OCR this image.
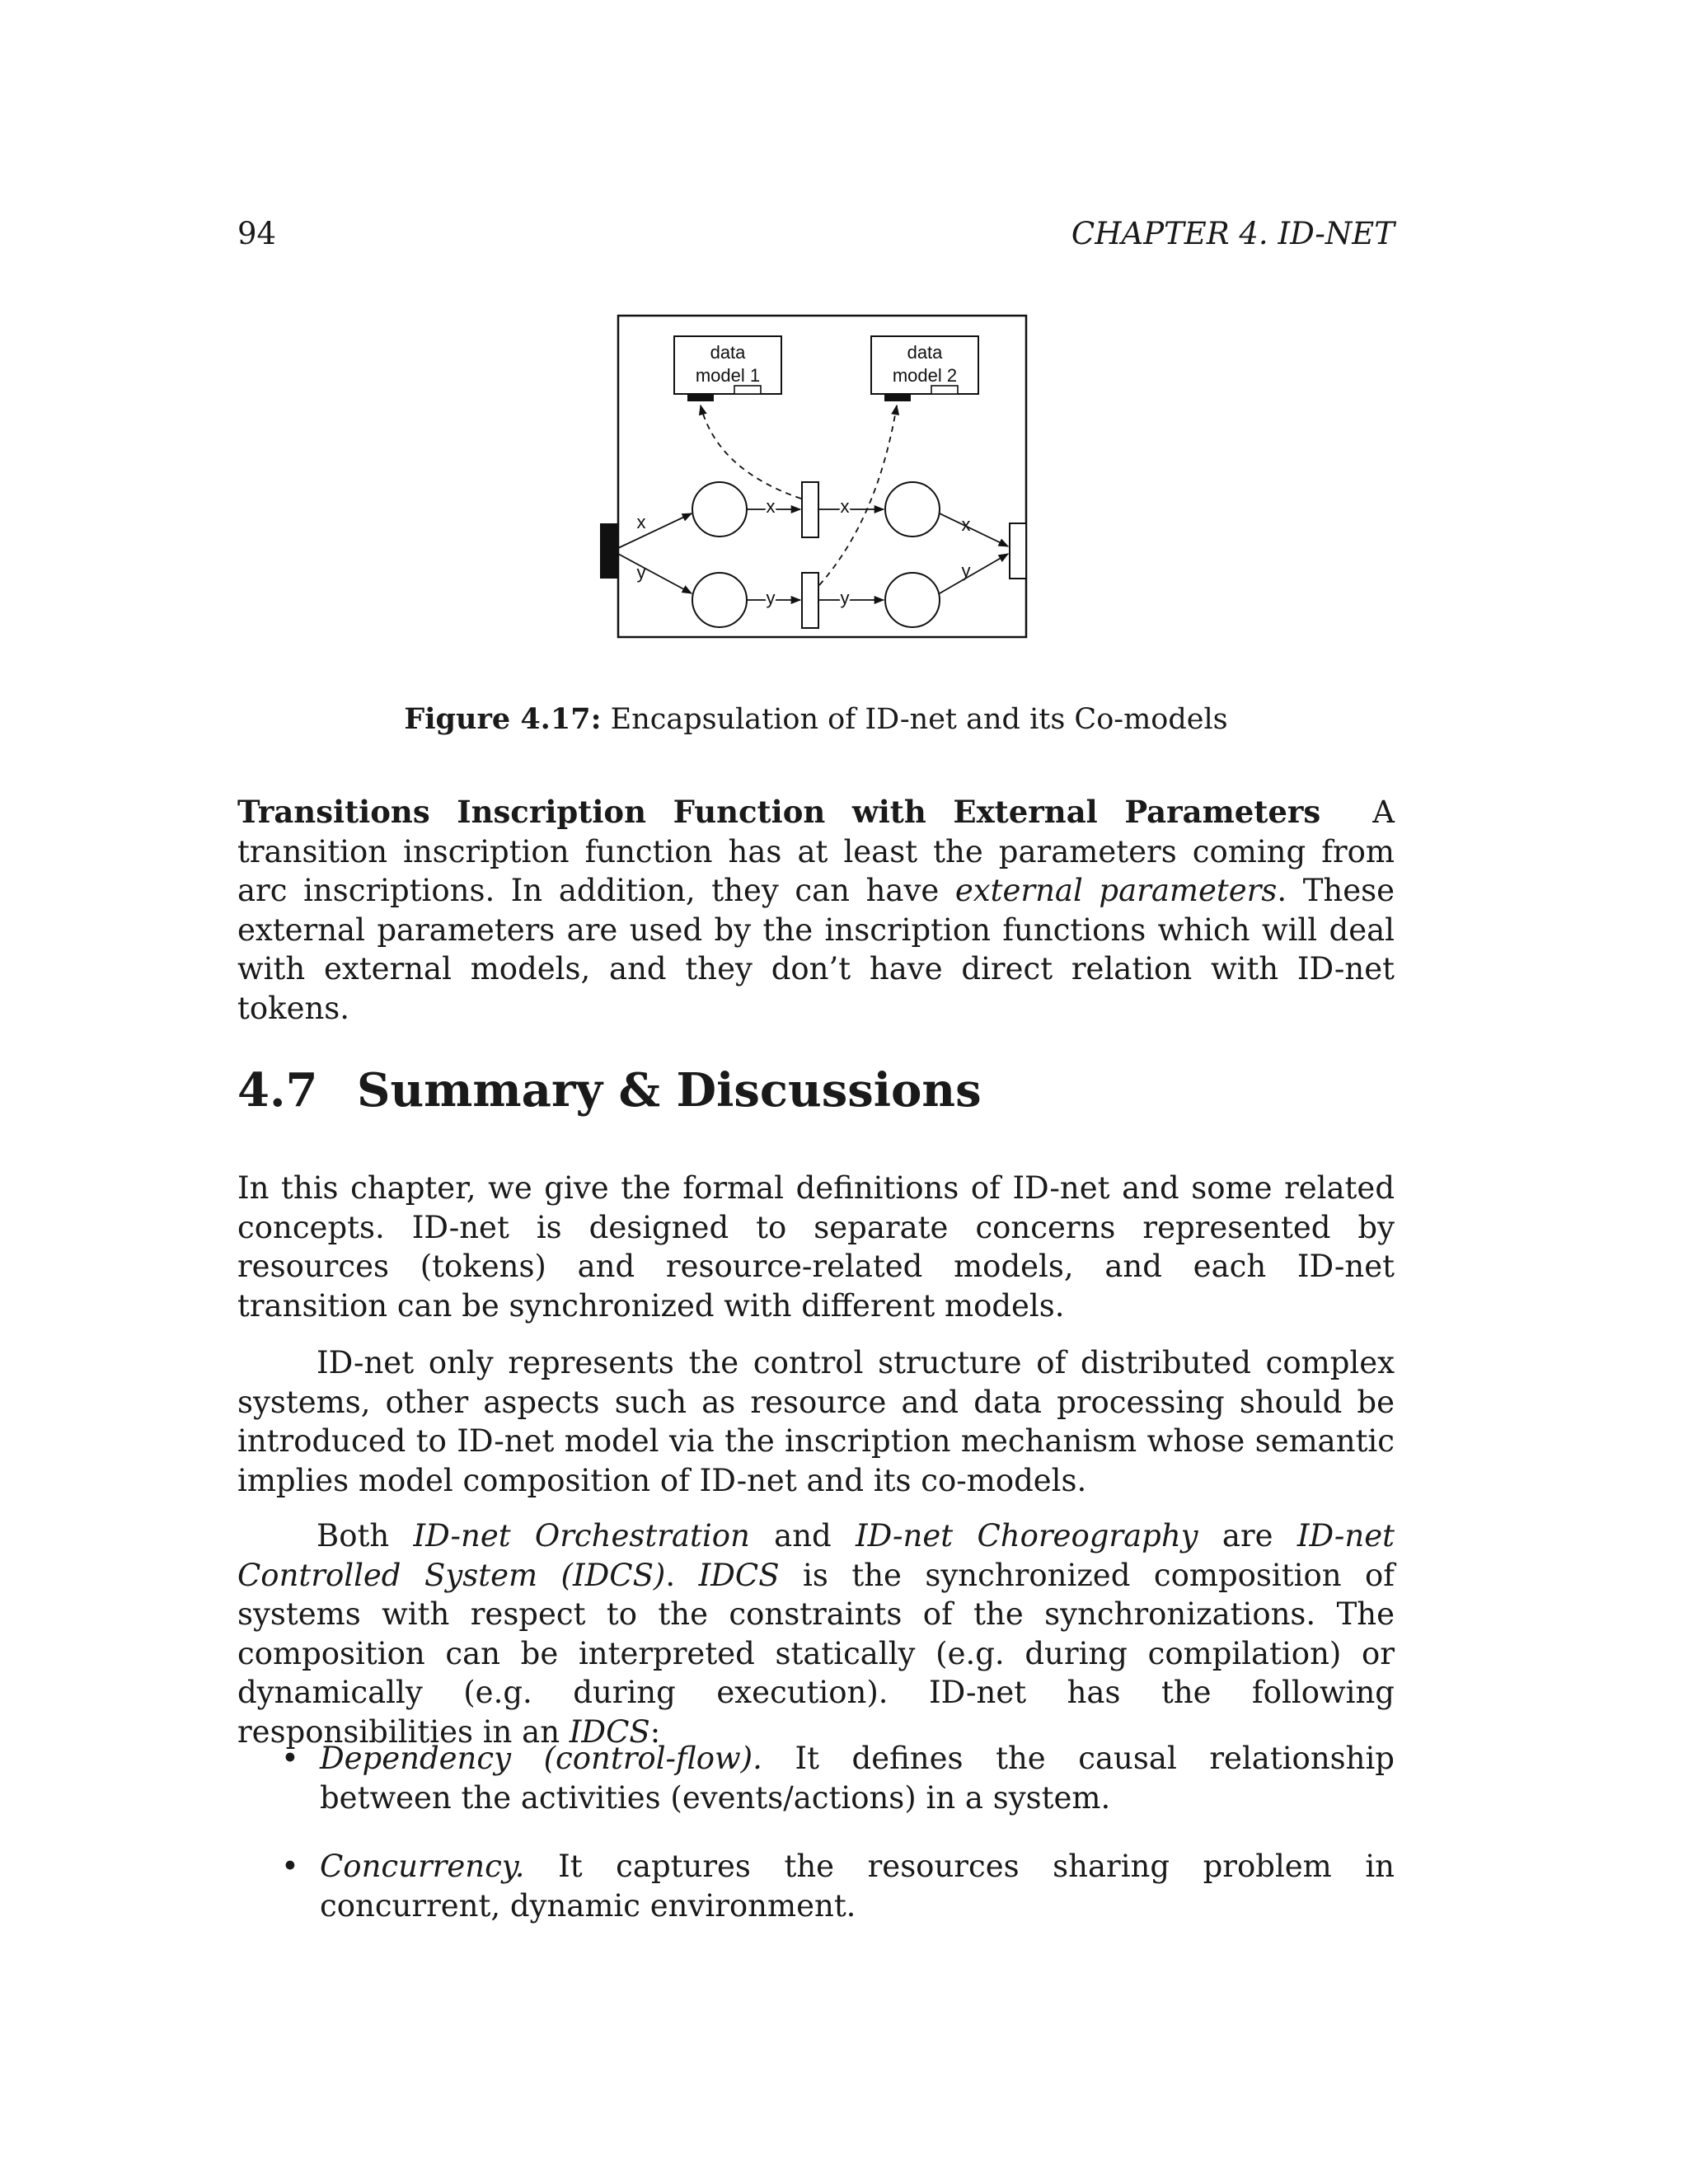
94	CHAPTER 4. ID-NET
data
model 1
data
model 2
x
y
x	x
y	y
x
y
Figure 4.17: Encapsulation of ID-net and its Co-models
Transitions Inscription Function with External Parameters A transition inscription function has at least the parameters coming from arc inscriptions. In addition, they can have external parameters. These external parameters are used by the inscription functions which will deal with external models, and they don’t have direct relation with ID-net tokens.
4.7 Summary & Discussions
In this chapter, we give the formal definitions of ID-net and some related concepts. ID-net is designed to separate concerns represented by resources (tokens) and resource-related models, and each ID-net transition can be synchronized with different models.
ID-net only represents the control structure of distributed complex systems, other aspects such as resource and data processing should be introduced to ID-net model via the inscription mechanism whose semantic implies model composition of ID-net and its co-models.
Both ID-net Orchestration and ID-net Choreography are ID-net Controlled System (IDCS). IDCS is the synchronized composition of systems with respect to the constraints of the synchronizations. The composition can be interpreted statically (e.g. during compilation) or dynamically (e.g. during execution). ID-net has the following responsibilities in an IDCS:
• Dependency (control-flow). It defines the causal relationship between the activities (events/actions) in a system.
• Concurrency. It captures the resources sharing problem in concurrent, dynamic environment.
